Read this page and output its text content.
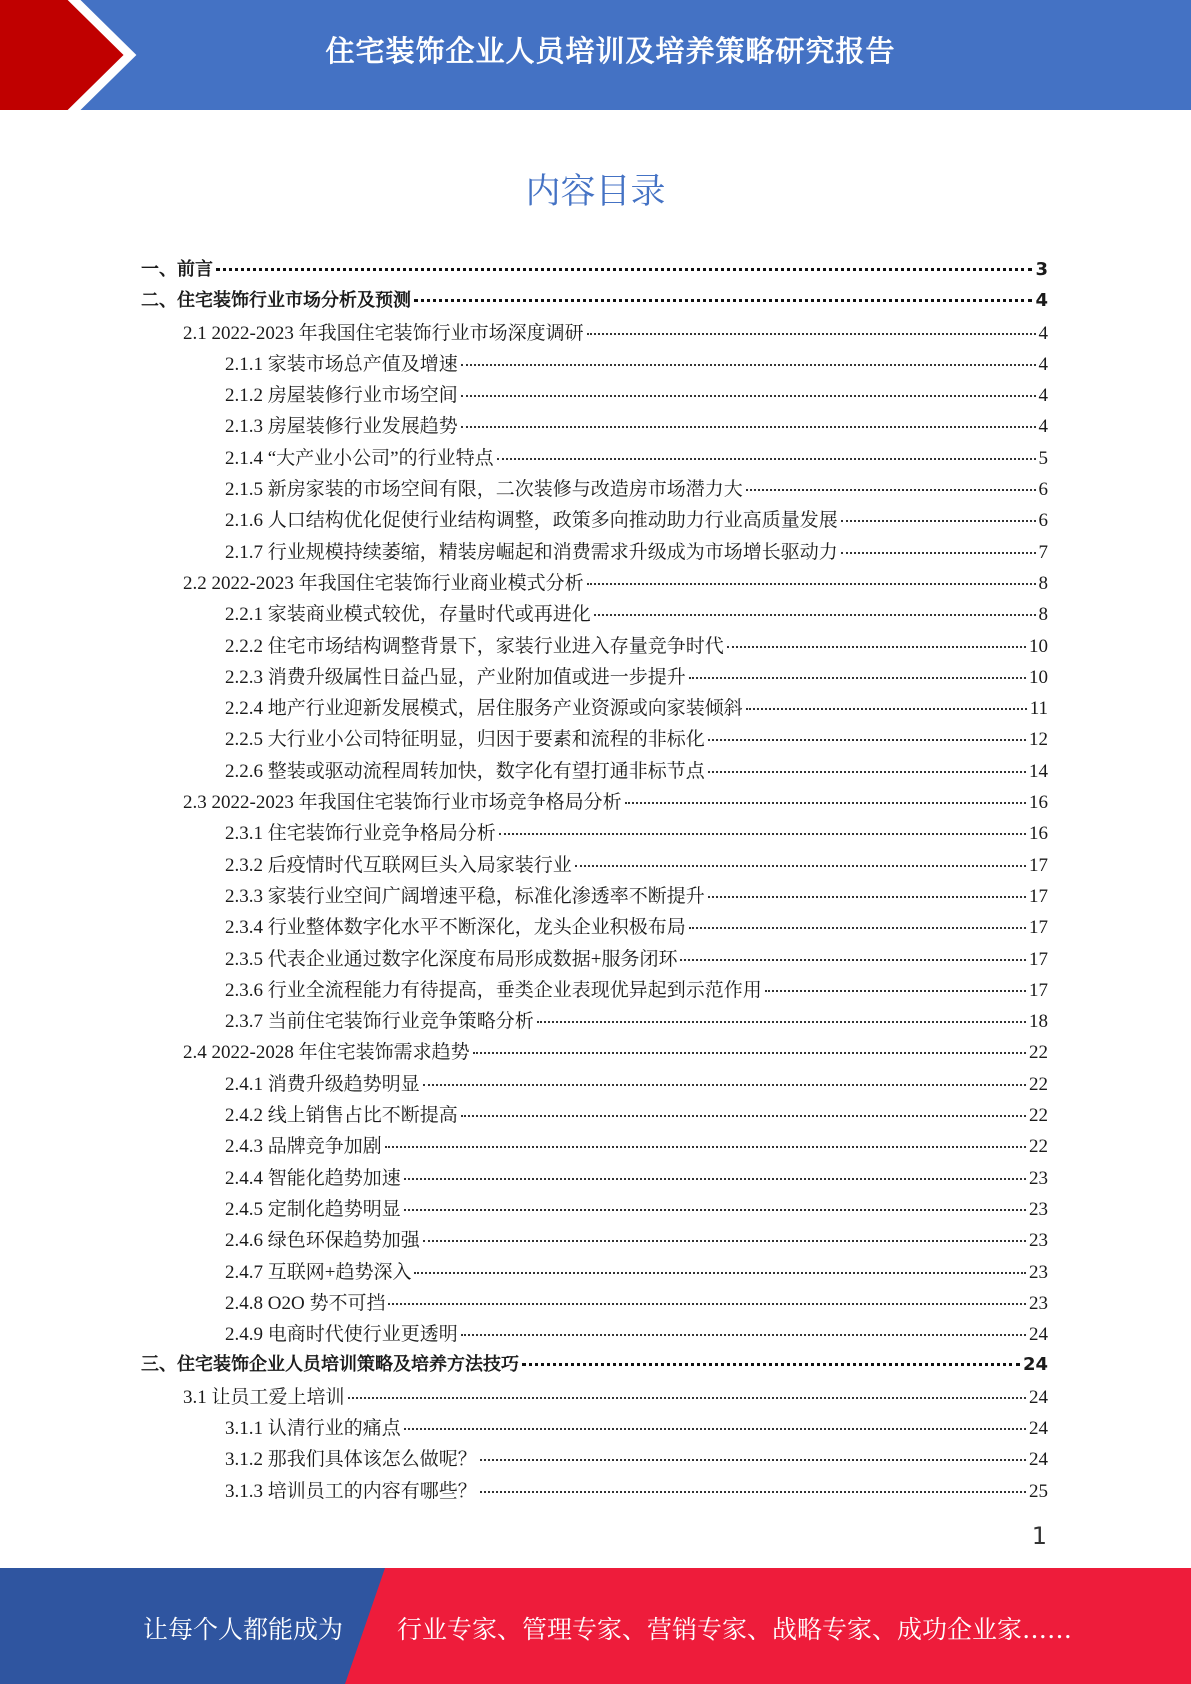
住宅装饰企业人员培训及培养策略研究报告
内容目录
一、前言	3
二、住宅装饰行业市场分析及预测	4
2.1 2022-2023 年我国住宅装饰行业市场深度调研	4
2.1.1 家装市场总产值及增速	4
2.1.2 房屋装修行业市场空间	4
2.1.3 房屋装修行业发展趋势	4
2.1.4 “大产业小公司”的行业特点	5
2.1.5 新房家装的市场空间有限，二次装修与改造房市场潜力大	6
2.1.6 人口结构优化促使行业结构调整，政策多向推动助力行业高质量发展	6
2.1.7 行业规模持续萎缩，精装房崛起和消费需求升级成为市场增长驱动力	7
2.2 2022-2023 年我国住宅装饰行业商业模式分析	8
2.2.1 家装商业模式较优，存量时代或再进化	8
2.2.2 住宅市场结构调整背景下，家装行业进入存量竞争时代	10
2.2.3 消费升级属性日益凸显，产业附加值或进一步提升	10
2.2.4 地产行业迎新发展模式，居住服务产业资源或向家装倾斜	11
2.2.5 大行业小公司特征明显，归因于要素和流程的非标化	12
2.2.6 整装或驱动流程周转加快，数字化有望打通非标节点	14
2.3 2022-2023 年我国住宅装饰行业市场竞争格局分析	16
2.3.1 住宅装饰行业竞争格局分析	16
2.3.2 后疫情时代互联网巨头入局家装行业	17
2.3.3 家装行业空间广阔增速平稳，标准化渗透率不断提升	17
2.3.4 行业整体数字化水平不断深化，龙头企业积极布局	17
2.3.5 代表企业通过数字化深度布局形成数据+服务闭环	17
2.3.6 行业全流程能力有待提高，垂类企业表现优异起到示范作用	17
2.3.7 当前住宅装饰行业竞争策略分析	18
2.4 2022-2028 年住宅装饰需求趋势	22
2.4.1 消费升级趋势明显	22
2.4.2 线上销售占比不断提高	22
2.4.3 品牌竞争加剧	22
2.4.4 智能化趋势加速	23
2.4.5 定制化趋势明显	23
2.4.6 绿色环保趋势加强	23
2.4.7 互联网+趋势深入	23
2.4.8 O2O 势不可挡	23
2.4.9 电商时代使行业更透明	24
三、住宅装饰企业人员培训策略及培养方法技巧	24
3.1 让员工爱上培训	24
3.1.1 认清行业的痛点	24
3.1.2 那我们具体该怎么做呢？	24
3.1.3 培训员工的内容有哪些？	25
1
让每个人都能成为 行业专家、管理专家、营销专家、战略专家、成功企业家……
